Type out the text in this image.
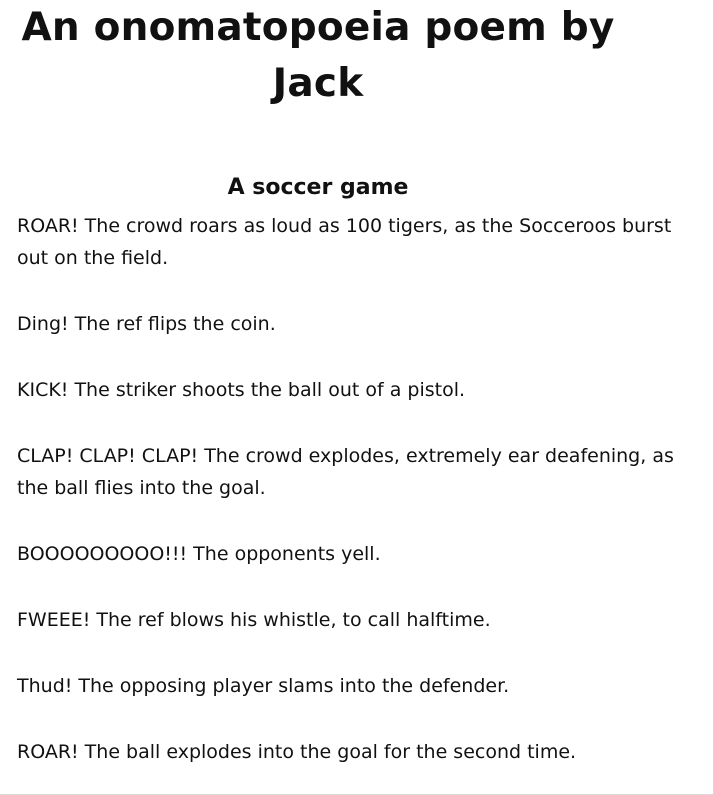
An onomatopoeia poem by Jack
A soccer game

ROAR! The crowd roars as loud as 100 tigers, as the Socceroos burst out on the field.

Ding! The ref flips the coin.

KICK! The striker shoots the ball out of a pistol.

CLAP! CLAP! CLAP! The crowd explodes, extremely ear deafening, as the ball flies into the goal.

BOOOOOOOOO!!! The opponents yell.

FWEEE! The ref blows his whistle, to call halftime.

Thud! The opposing player slams into the defender.

ROAR! The ball explodes into the goal for the second time.
